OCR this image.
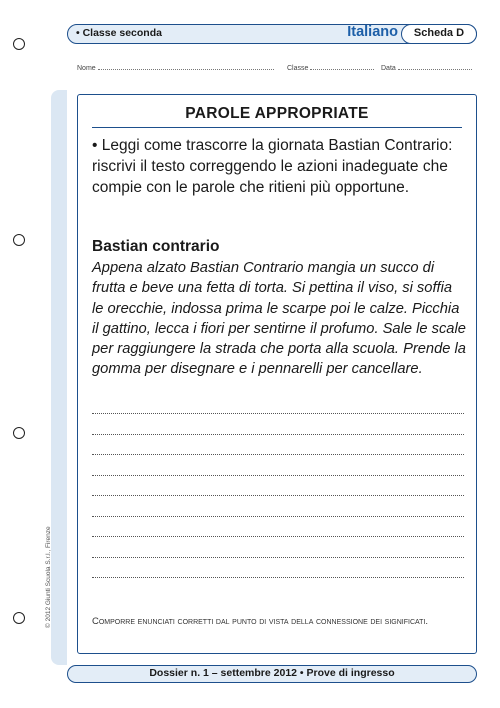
• Classe seconda	Italiano	Scheda D
Nome	Classe	Data
© 2012 Giunti Scuola S.r.l., Firenze
PAROLE APPROPRIATE
• Leggi come trascorre la giornata Bastian Contrario: riscrivi il testo correggendo le azioni inadeguate che compie con le parole che ritieni più opportune.
Bastian contrario
Appena alzato Bastian Contrario mangia un succo di frutta e beve una fetta di torta. Si pettina il viso, si soffia le orecchie, indossa prima le scarpe poi le calze. Picchia il gattino, lecca i fiori per sentirne il profumo. Sale le scale per raggiungere la strada che porta alla scuola. Prende la gomma per disegnare e i pennarelli per cancellare.
Comporre enunciati corretti dal punto di vista della connessione dei significati.
Dossier n. 1 – settembre 2012 • Prove di ingresso
